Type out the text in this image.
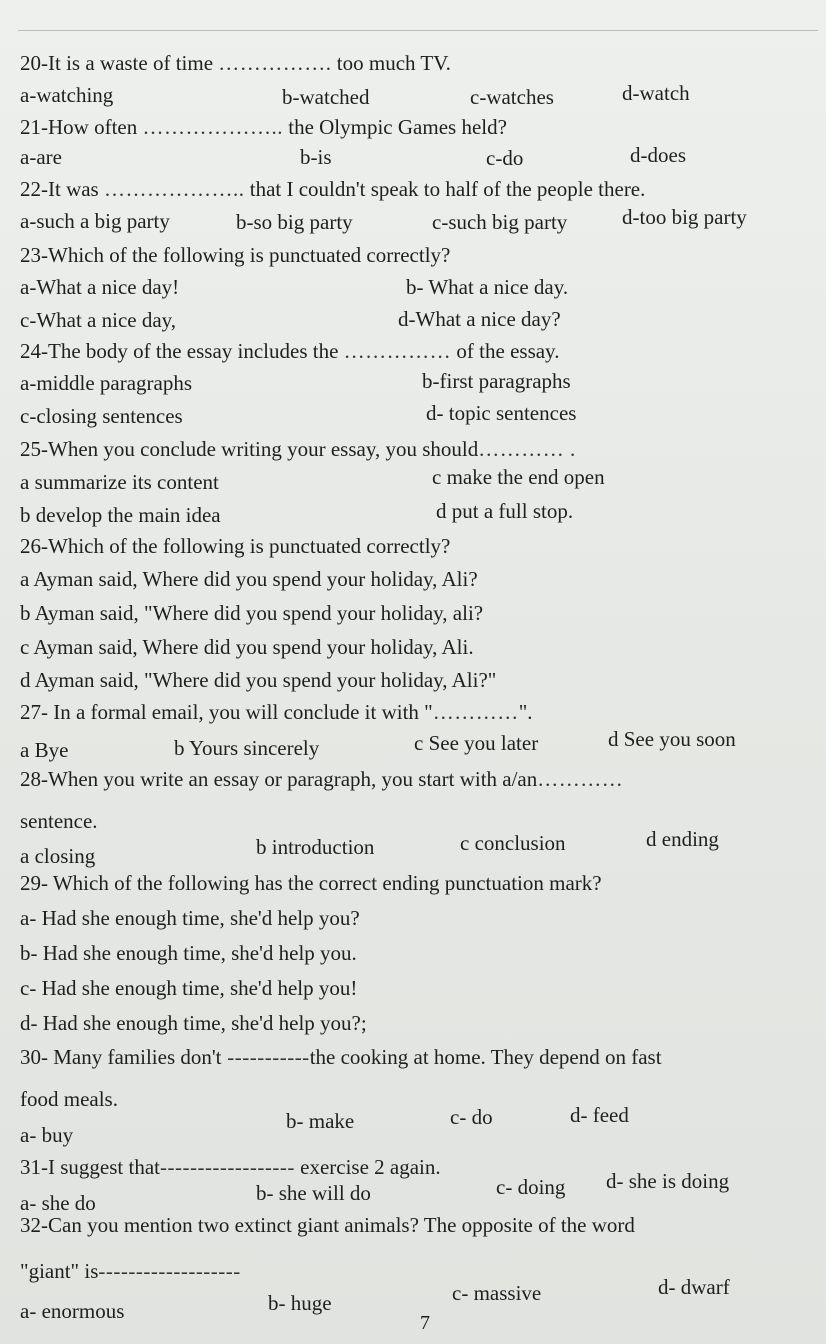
20-It is a waste of time ……………. too much TV.
a-watching	b-watched	c-watches	d-watch
21-How often ……………….. the Olympic Games held?
a-are	b-is	c-do	d-does
22-It was ……………….. that I couldn't speak to half of the people there.
a-such a big party	b-so big party	c-such big party	d-too big party
23-Which of the following is punctuated correctly?
a-What a nice day!	b- What a nice day.
c-What a nice day,	d-What a nice day?
24-The body of the essay includes the …………… of the essay.
a-middle paragraphs	b-first paragraphs
c-closing sentences	d- topic sentences
25-When you conclude writing your essay, you should………… .
a summarize its content	c make the end open
b develop the main idea	d put a full stop.
26-Which of the following is punctuated correctly?
a Ayman said, Where did you spend your holiday, Ali?
b Ayman said, "Where did you spend your holiday, ali?
c Ayman said, Where did you spend your holiday, Ali.
d Ayman said, "Where did you spend your holiday, Ali?"
27- In a formal email, you will conclude it with "…………".
a Bye	b Yours sincerely	c See you later	d See you soon
28-When you write an essay or paragraph, you start with a/an…………
sentence.
a closing	b introduction	c conclusion	d ending
29- Which of the following has the correct ending punctuation mark?
a- Had she enough time, she'd help you?
b- Had she enough time, she'd help you.
c- Had she enough time, she'd help you!
d- Had she enough time, she'd help you?;
30- Many families don't -----------the cooking at home. They depend on fast
food meals.
a- buy
b- make	c- do	d- feed
31-I suggest that------------------ exercise 2 again.
a- she do	b- she will do	c- doing d- she is doing
32-Can you mention two extinct giant animals? The opposite of the word
"giant" is-------------------
a- enormous	b- huge	c- massive	d- dwarf
7
